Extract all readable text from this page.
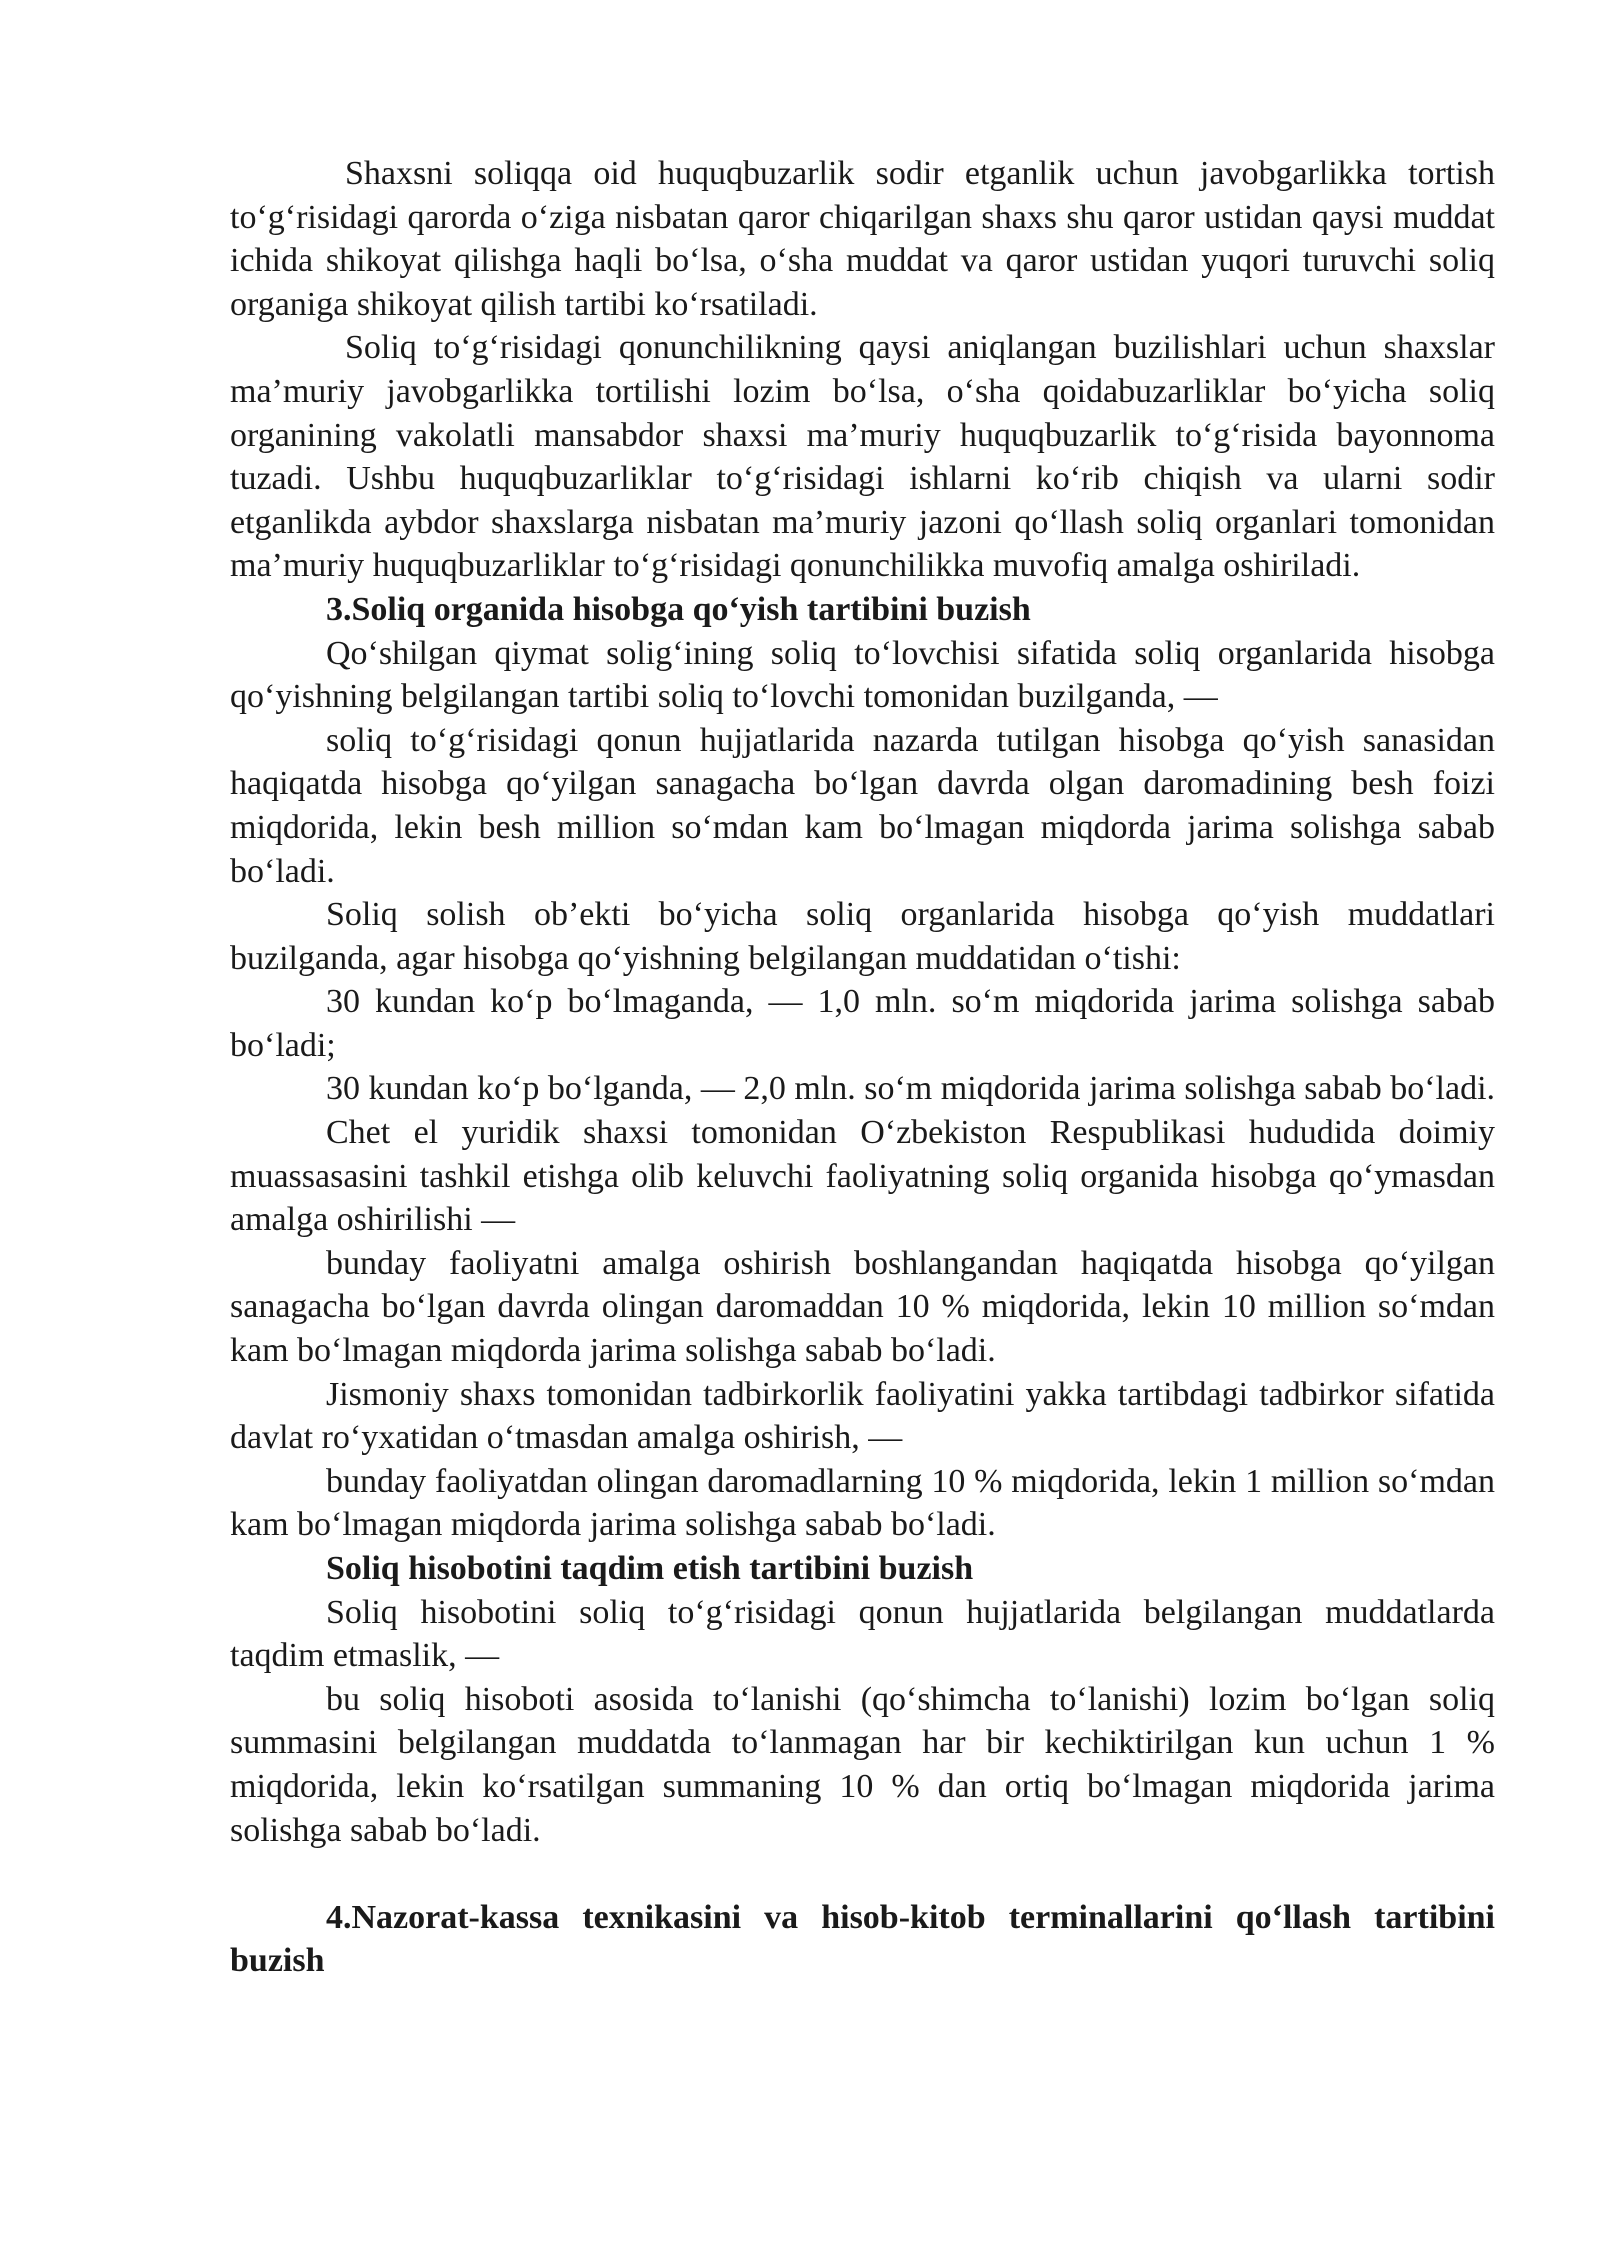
Shaxsni soliqqa oid huquqbuzarlik sodir etganlik uchun javobgarlikka tortish to‘g‘risidagi qarorda o‘ziga nisbatan qaror chiqarilgan shaxs shu qaror ustidan qaysi muddat ichida shikoyat qilishga haqli bo‘lsa, o‘sha muddat va qaror ustidan yuqori turuvchi soliq organiga shikoyat qilish tartibi ko‘rsatiladi.

Soliq to‘g‘risidagi qonunchilikning qaysi aniqlangan buzilishlari uchun shaxslar ma’muriy javobgarlikka tortilishi lozim bo‘lsa, o‘sha qoidabuzarliklar bo‘yicha soliq organining vakolatli mansabdor shaxsi ma’muriy huquqbuzarlik to‘g‘risida bayonnoma tuzadi. Ushbu huquqbuzarliklar to‘g‘risidagi ishlarni ko‘rib chiqish va ularni sodir etganlikda aybdor shaxslarga nisbatan ma’muriy jazoni qo‘llash soliq organlari tomonidan ma’muriy huquqbuzarliklar to‘g‘risidagi qonunchilikka muvofiq amalga oshiriladi.

3.Soliq organida hisobga qo‘yish tartibini buzish

Qo‘shilgan qiymat solig‘ining soliq to‘lovchisi sifatida soliq organlarida hisobga qo‘yishning belgilangan tartibi soliq to‘lovchi tomonidan buzilganda, —

soliq to‘g‘risidagi qonun hujjatlarida nazarda tutilgan hisobga qo‘yish sanasidan haqiqatda hisobga qo‘yilgan sanagacha bo‘lgan davrda olgan daromadining besh foizi miqdorida, lekin besh million so‘mdan kam bo‘lmagan miqdorda jarima solishga sabab bo‘ladi.

Soliq solish ob’ekti bo‘yicha soliq organlarida hisobga qo‘yish muddatlari buzilganda, agar hisobga qo‘yishning belgilangan muddatidan o‘tishi:

30 kundan ko‘p bo‘lmaganda, — 1,0 mln. so‘m miqdorida jarima solishga sabab bo‘ladi;

30 kundan ko‘p bo‘lganda, — 2,0 mln. so‘m miqdorida jarima solishga sabab bo‘ladi.

Chet el yuridik shaxsi tomonidan O‘zbekiston Respublikasi hududida doimiy muassasasini tashkil etishga olib keluvchi faoliyatning soliq organida hisobga qo‘ymasdan amalga oshirilishi —

bunday faoliyatni amalga oshirish boshlangandan haqiqatda hisobga qo‘yilgan sanagacha bo‘lgan davrda olingan daromaddan 10 % miqdorida, lekin 10 million so‘mdan kam bo‘lmagan miqdorda jarima solishga sabab bo‘ladi.

Jismoniy shaxs tomonidan tadbirkorlik faoliyatini yakka tartibdagi tadbirkor sifatida davlat ro‘yxatidan o‘tmasdan amalga oshirish, —

bunday faoliyatdan olingan daromadlarning 10 % miqdorida, lekin 1 million so‘mdan kam bo‘lmagan miqdorda jarima solishga sabab bo‘ladi.

Soliq hisobotini taqdim etish tartibini buzish

Soliq hisobotini soliq to‘g‘risidagi qonun hujjatlarida belgilangan muddatlarda taqdim etmaslik, —

bu soliq hisoboti asosida to‘lanishi (qo‘shimcha to‘lanishi) lozim bo‘lgan soliq summasini belgilangan muddatda to‘lanmagan har bir kechiktirilgan kun uchun 1 % miqdorida, lekin ko‘rsatilgan summaning 10 % dan ortiq bo‘lmagan miqdorida jarima solishga sabab bo‘ladi.

4.Nazorat-kassa texnikasini va hisob-kitob terminallarini qo‘llash tartibini buzish
